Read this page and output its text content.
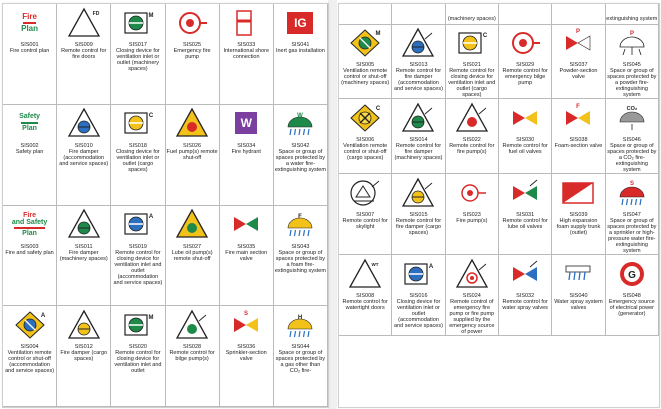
Fire
Plan
SIS001
Fire control plan
FD
SIS009
Remote control for fire doors
M
SIS017
Closing device for ventilation inlet or outlet (machinery spaces)
SIS025
Emergency fire pump
SIS033
International shore connection
IG
SIS041
Inert gas installation
Safety
Plan
SIS002
Safety plan
SIS010
Fire damper (accommodation and service spaces)
C
SIS018
Closing device for ventilation inlet or outlet (cargo spaces)
SIS026
Fuel pump(s) remote shut-off
W
SIS034
Fire hydrant
W
SIS042
Space or group of spaces protected by a water fire-extinguishing system
Fire
and Safety
Plan
SIS003
Fire and safety plan
SIS011
Fire damper (machinery spaces)
A
SIS019
Remote control for closing device for ventilation inlet and outlet (accommodation and service spaces)
SIS027
Lube oil pump(s) remote shut-off
SIS035
Fire main section valve
F
SIS043
Space or group of spaces protected by a foam fire-extinguishing system
A
SIS004
Ventilation remote control or shut-off (accommodation and service spaces)
SIS012
Fire damper (cargo spaces)
M
SIS020
Remote control for closing device for ventilation inlet and outlet
SIS028
Remote control for bilge pump(s)
S
SIS036
Sprinkler-section valve
H
SIS044
Space or group of spaces protected by a gas other than CO₂ fire-
(machinery spaces)	extinguishing system
M
SIS005
Ventilation remote control or shut-off (machinery spaces)
SIS013
Remote control for fire damper (accommodation and service spaces)
C
SIS021
Remote control for closing device for ventilation inlet and outlet (cargo spaces)
SIS029
Remote control for emergency bilge pump
P
SIS037
Powder-section valve
P
SIS045
Space or group of spaces protected by a powder fire-extinguishing system
C
SIS006
Ventilation remote control or shut-off (cargo spaces)
SIS014
Remote control for fire damper (machinery spaces)
SIS022
Remote control for fire pump(s)
SIS030
Remote control for fuel oil valves
F
SIS038
Foam-section valve
CO₂
SIS046
Space or group of spaces protected by a CO₂ fire-extinguishing system
SIS007
Remote control for skylight
SIS015
Remote control for fire damper (cargo spaces)
SIS023
Fire pump(s)
SIS031
Remote control for lube oil valves
SIS039
High expansion foam supply trunk (outlet)
S
SIS047
Space or group of spaces protected by a sprinkler or high-pressure water fire-extinguishing system
WT
SIS008
Remote control for watertight doors
A
SIS016
Closing device for ventilation inlet or outlet (accommodation and service spaces)
SIS024
Remote control of emergency fire pump or fire pump supplied by the emergency source of power
SIS032
Remote control for water spray valves
SIS040
Water spray system valves
G
SIS048
Emergency source of electrical power (generator)
